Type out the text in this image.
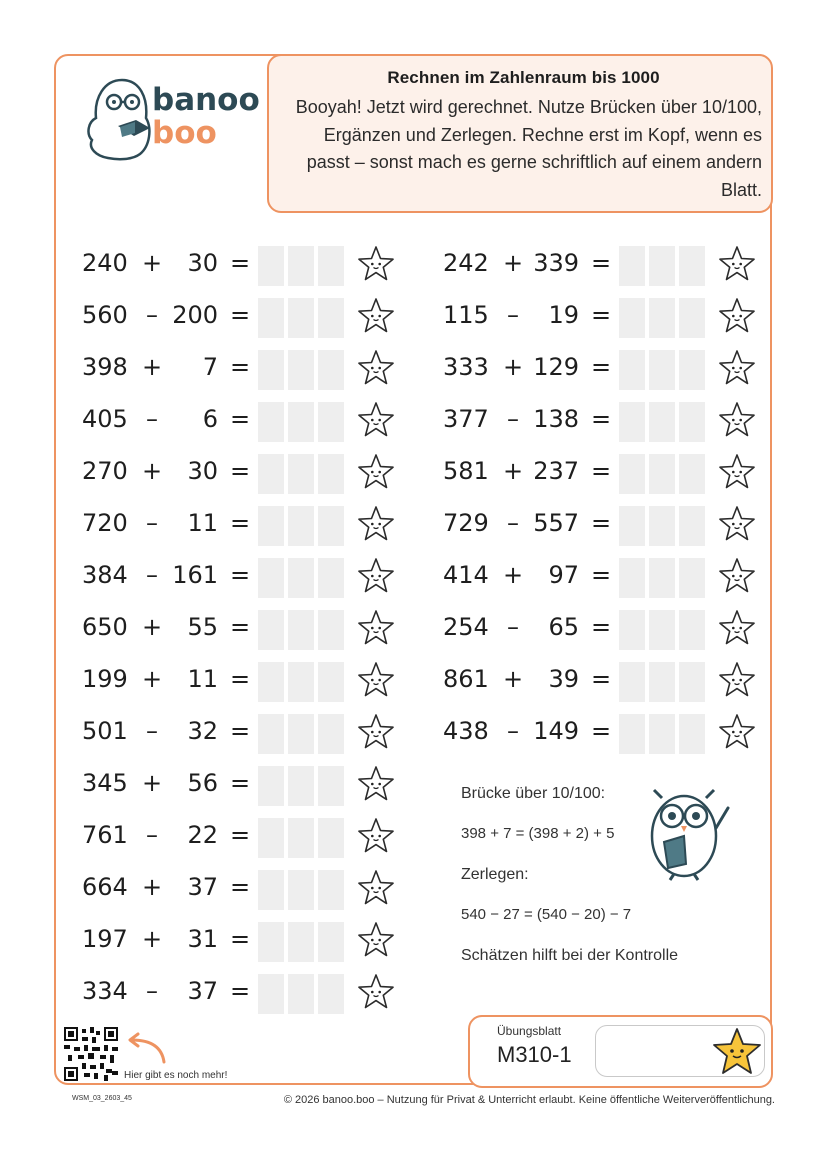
banoo
boo
Rechnen im Zahlenraum bis 1000
Booyah! Jetzt wird gerechnet. Nutze Brücken über 10/100, Ergänzen und Zerlegen. Rechne erst im Kopf, wenn es passt – sonst mach es gerne schriftlich auf einem andern Blatt.
240 +	30 =
560 – 200 =
398 +	7 =
405 –	6 =
270 +	30 =
720 –	11 =
384 – 161 =
650 +	55 =
199 +	11 =
501 –	32 =
345 +	56 =
761 –	22 =
664 +	37 =
197 +	31 =
334 –	37 =
242 + 339 =
115 –	19 =
333 + 129 =
377 – 138 =
581 + 237 =
729 – 557 =
414 +	97 =
254 –	65 =
861 +	39 =
438 – 149 =
Brücke über 10/100:
398 + 7 = (398 + 2) + 5
Zerlegen:
540 − 27 = (540 − 20) − 7
Schätzen hilft bei der Kontrolle
Übungsblatt
M310-1
Hier gibt es noch mehr!
WSM_03_2603_45	© 2026 banoo.boo – Nutzung für Privat & Unterricht erlaubt. Keine öffentliche Weiterveröffentlichung.
